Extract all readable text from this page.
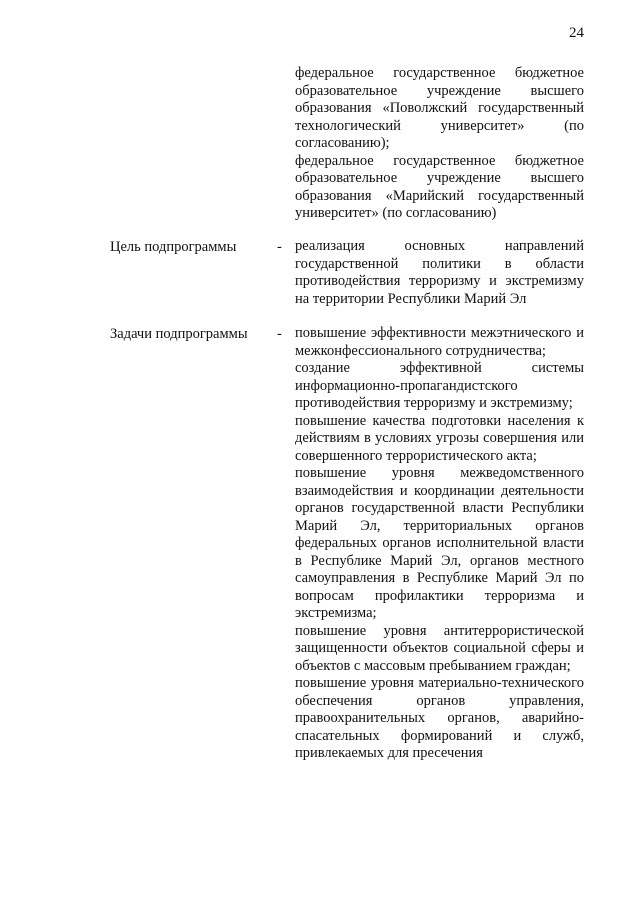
24

федеральное государственное бюджетное образовательное учреждение высшего образования «Поволжский государственный технологический университет» (по согласованию);

федеральное государственное бюджетное образовательное учреждение высшего образования «Марийский государственный университет» (по согласованию)

Цель подпрограммы	- реализация основных направлений государственной политики в области противодействия терроризму и экстремизму на территории Республики Марий Эл

Задачи подпрограммы - повышение эффективности межэтнического и межконфессионального сотрудничества;

создание эффективной системы информационно-пропагандистского противодействия терроризму и экстремизму;

повышение качества подготовки населения к действиям в условиях угрозы совершения или совершенного террористического акта;

повышение уровня межведомственного взаимодействия и координации деятельности органов государственной власти Республики Марий Эл, территориальных органов федеральных органов исполнительной власти в Республике Марий Эл, органов местного самоуправления в Республике Марий Эл по вопросам профилактики терроризма и экстремизма;

повышение уровня антитеррористической защищенности объектов социальной сферы и объектов с массовым пребыванием граждан;

повышение уровня материально-технического обеспечения органов управления, правоохранительных органов, аварийно-спасательных формирований и служб, привлекаемых для пресечения
